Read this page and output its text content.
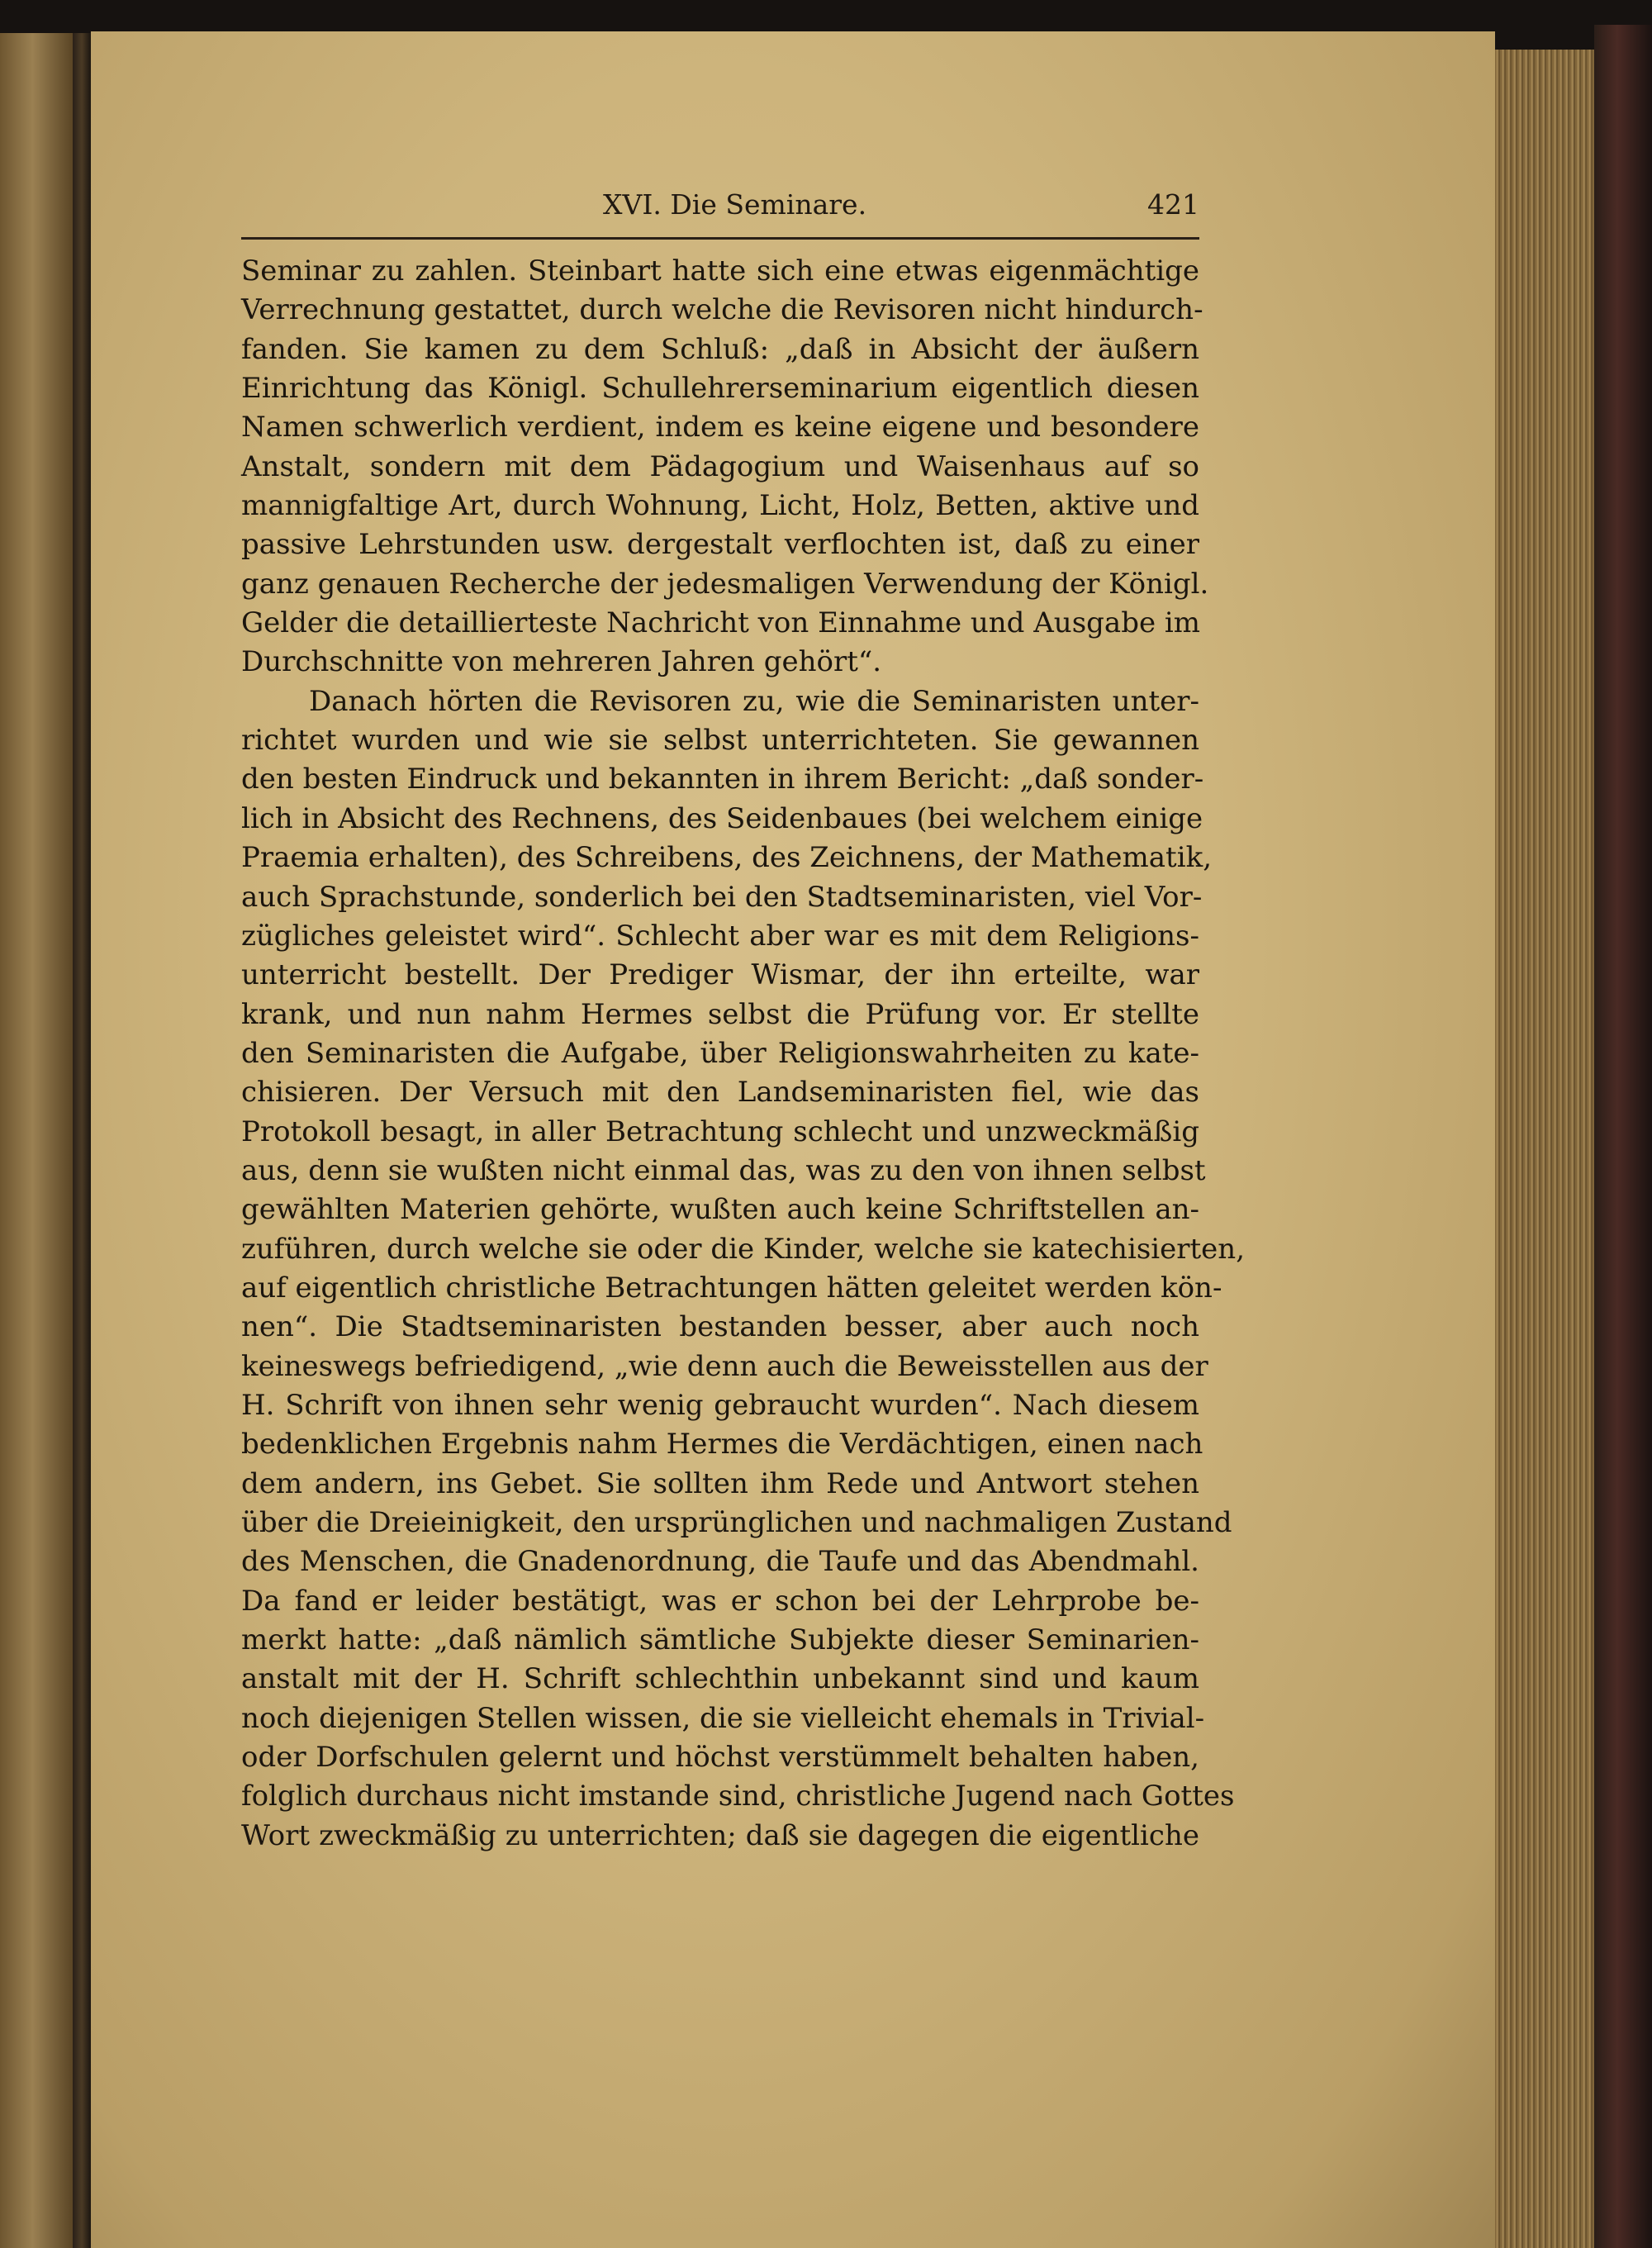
XVI. Die Seminare.	421
Seminar zu zahlen. Steinbart hatte sich eine etwas eigenmächtige
Verrechnung gestattet, durch welche die Revisoren nicht hindurch-
fanden. Sie kamen zu dem Schluß: „daß in Absicht der äußern
Einrichtung das Königl. Schullehrerseminarium eigentlich diesen
Namen schwerlich verdient, indem es keine eigene und besondere
Anstalt, sondern mit dem Pädagogium und Waisenhaus auf so
mannigfaltige Art, durch Wohnung, Licht, Holz, Betten, aktive und
passive Lehrstunden usw. dergestalt verflochten ist, daß zu einer
ganz genauen Recherche der jedesmaligen Verwendung der Königl.
Gelder die detaillierteste Nachricht von Einnahme und Ausgabe im
Durchschnitte von mehreren Jahren gehört“.
Danach hörten die Revisoren zu, wie die Seminaristen unter-
richtet wurden und wie sie selbst unterrichteten. Sie gewannen
den besten Eindruck und bekannten in ihrem Bericht: „daß sonder-
lich in Absicht des Rechnens, des Seidenbaues (bei welchem einige
Praemia erhalten), des Schreibens, des Zeichnens, der Mathematik,
auch Sprachstunde, sonderlich bei den Stadtseminaristen, viel Vor-
zügliches geleistet wird“. Schlecht aber war es mit dem Religions-
unterricht bestellt. Der Prediger Wismar, der ihn erteilte, war
krank, und nun nahm Hermes selbst die Prüfung vor. Er stellte
den Seminaristen die Aufgabe, über Religionswahrheiten zu kate-
chisieren. Der Versuch mit den Landseminaristen fiel, wie das
Protokoll besagt, in aller Betrachtung schlecht und unzweckmäßig
aus, denn sie wußten nicht einmal das, was zu den von ihnen selbst
gewählten Materien gehörte, wußten auch keine Schriftstellen an-
zuführen, durch welche sie oder die Kinder, welche sie katechisierten,
auf eigentlich christliche Betrachtungen hätten geleitet werden kön-
nen“. Die Stadtseminaristen bestanden besser, aber auch noch
keineswegs befriedigend, „wie denn auch die Beweisstellen aus der
H. Schrift von ihnen sehr wenig gebraucht wurden“. Nach diesem
bedenklichen Ergebnis nahm Hermes die Verdächtigen, einen nach
dem andern, ins Gebet. Sie sollten ihm Rede und Antwort stehen
über die Dreieinigkeit, den ursprünglichen und nachmaligen Zustand
des Menschen, die Gnadenordnung, die Taufe und das Abendmahl.
Da fand er leider bestätigt, was er schon bei der Lehrprobe be-
merkt hatte: „daß nämlich sämtliche Subjekte dieser Seminarien-
anstalt mit der H. Schrift schlechthin unbekannt sind und kaum
noch diejenigen Stellen wissen, die sie vielleicht ehemals in Trivial-
oder Dorfschulen gelernt und höchst verstümmelt behalten haben,
folglich durchaus nicht imstande sind, christliche Jugend nach Gottes
Wort zweckmäßig zu unterrichten; daß sie dagegen die eigentliche
